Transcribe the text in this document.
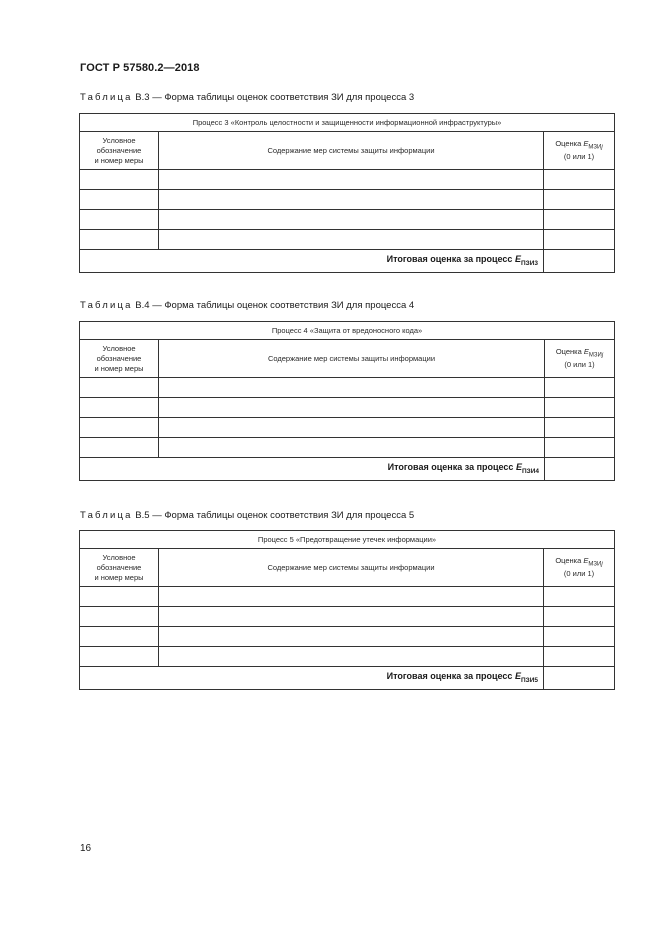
ГОСТ Р 57580.2—2018
Таблица В.3 — Форма таблицы оценок соответствия ЗИ для процесса 3
Процесс 3 «Контроль целостности и защищенности информационной инфраструктуры»		
Условное
обозначение
и номер меры	Содержание мер системы защиты информации	Оценка $E_{МЗИj}$
(0 или 1)

Итоговая оценка за процесс $E_{ПЗИ3}$	
Таблица В.4 — Форма таблицы оценок соответствия ЗИ для процесса 4
Процесс 4 «Защита от вредоносного кода»		
Условное
обозначение
и номер меры	Содержание мер системы защиты информации	Оценка $E_{МЗИj}$
(0 или 1)

Итоговая оценка за процесс $E_{ПЗИ4}$	
Таблица В.5 — Форма таблицы оценок соответствия ЗИ для процесса 5
Процесс 5 «Предотвращение утечек информации»		
Условное
обозначение
и номер меры	Содержание мер системы защиты информации	Оценка $E_{МЗИj}$
(0 или 1)

Итоговая оценка за процесс $E_{ПЗИ5}$	
16
